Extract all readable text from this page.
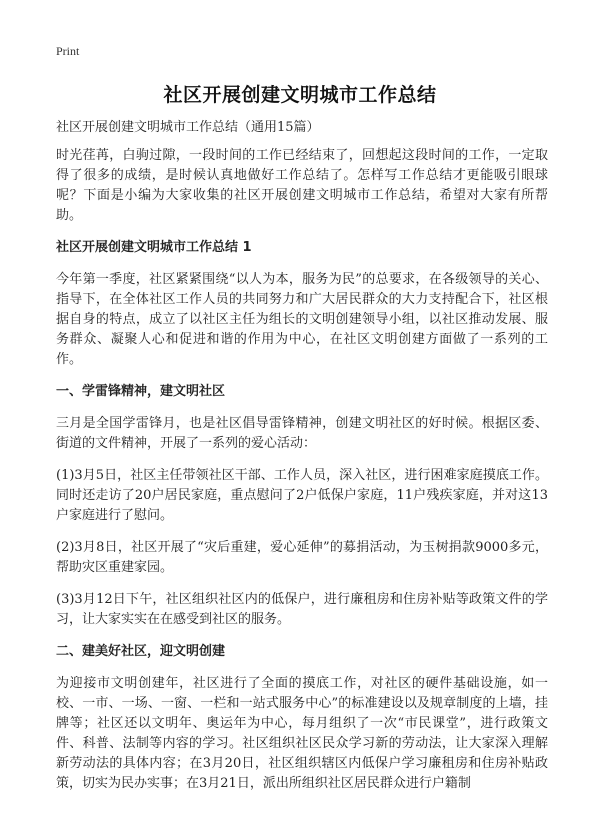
Print
社区开展创建文明城市工作总结
社区开展创建文明城市工作总结（通用15篇）

时光荏苒，白驹过隙，一段时间的工作已经结束了，回想起这段时间的工作，一定取得了很多的成绩，是时候认真地做好工作总结了。怎样写工作总结才更能吸引眼球呢？下面是小编为大家收集的社区开展创建文明城市工作总结，希望对大家有所帮助。

社区开展创建文明城市工作总结 1

今年第一季度，社区紧紧围绕“以人为本，服务为民”的总要求，在各级领导的关心、指导下，在全体社区工作人员的共同努力和广大居民群众的大力支持配合下，社区根据自身的特点，成立了以社区主任为组长的文明创建领导小组，以社区推动发展、服务群众、凝聚人心和促进和谐的作用为中心，在社区文明创建方面做了一系列的工作。

一、学雷锋精神，建文明社区

三月是全国学雷锋月，也是社区倡导雷锋精神，创建文明社区的好时候。根据区委、街道的文件精神，开展了一系列的爱心活动：

(1)3月5日，社区主任带领社区干部、工作人员，深入社区，进行困难家庭摸底工作。同时还走访了20户居民家庭，重点慰问了2户低保户家庭，11户残疾家庭，并对这13户家庭进行了慰问。

(2)3月8日，社区开展了“灾后重建，爱心延伸”的募捐活动，为玉树捐款9000多元，帮助灾区重建家园。

(3)3月12日下午，社区组织社区内的低保户，进行廉租房和住房补贴等政策文件的学习，让大家实实在在感受到社区的服务。

二、建美好社区，迎文明创建

为迎接市文明创建年，社区进行了全面的摸底工作，对社区的硬件基础设施，如一校、一市、一场、一窗、一栏和一站式服务中心”的标准建设以及规章制度的上墙，挂牌等；社区还以文明年、奥运年为中心，每月组织了一次“市民课堂”，进行政策文件、科普、法制等内容的学习。社区组织社区民众学习新的劳动法，让大家深入理解新劳动法的具体内容；在3月20日，社区组织辖区内低保户学习廉租房和住房补贴政策，切实为民办实事；在3月21日，派出所组织社区居民群众进行户籍制
